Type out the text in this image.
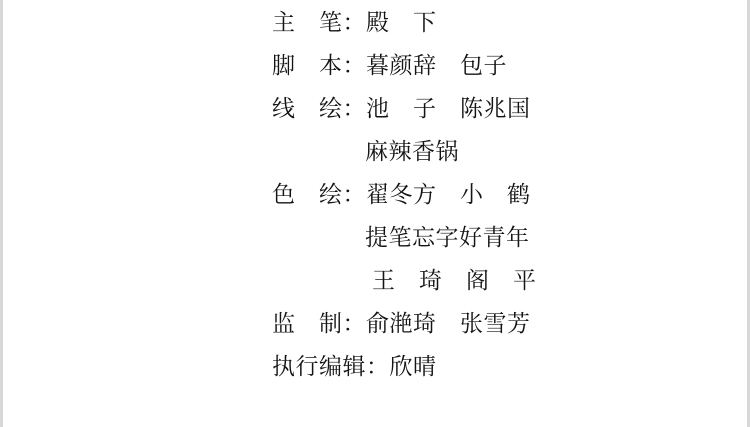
主　笔：殿　下
脚　本：暮颜辞　包子
线　绘：池　子　陈兆国
麻辣香锅
色　绘：翟冬方　小　鹤
提笔忘字好青年
王　琦　阁　平
监　制：俞滟琦　张雪芳
执行编辑：欣晴
